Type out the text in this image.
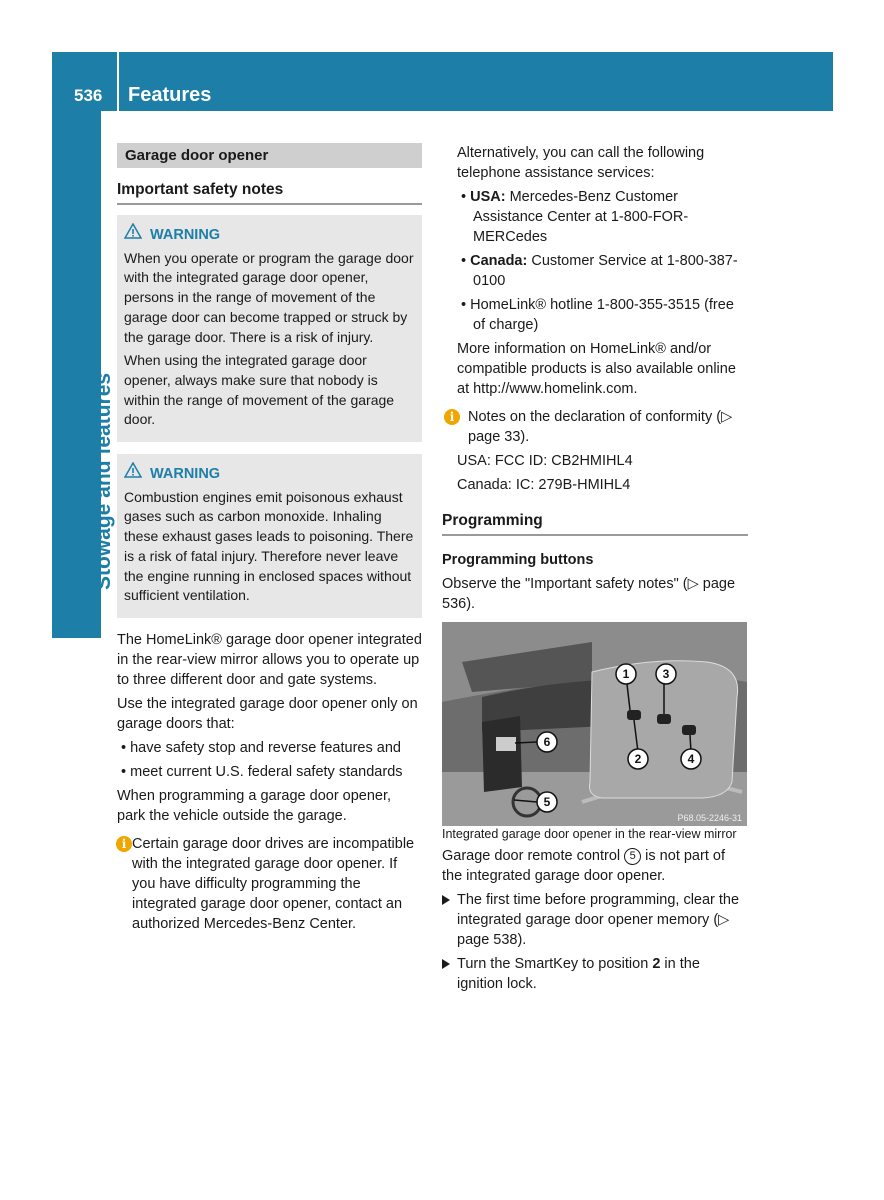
536 Features
Stowage and features
Garage door opener
Important safety notes
WARNING

When you operate or program the garage door with the integrated garage door opener, persons in the range of movement of the garage door can become trapped or struck by the garage door. There is a risk of injury.

When using the integrated garage door opener, always make sure that nobody is within the range of movement of the garage door.

WARNING

Combustion engines emit poisonous exhaust gases such as carbon monoxide. Inhaling these exhaust gases leads to poisoning. There is a risk of fatal injury. Therefore never leave the engine running in enclosed spaces without sufficient ventilation.

The HomeLink® garage door opener integrated in the rear-view mirror allows you to operate up to three different door and gate systems.

Use the integrated garage door opener only on garage doors that:

• have safety stop and reverse features and

• meet current U.S. federal safety standards

When programming a garage door opener, park the vehicle outside the garage.

i Certain garage door drives are incompatible with the integrated garage door opener. If you have difficulty programming the integrated garage door opener, contact an authorized Mercedes-Benz Center.

Alternatively, you can call the following telephone assistance services:

• USA: Mercedes-Benz Customer Assistance Center at 1-800-FOR-MERCedes

• Canada: Customer Service at 1-800-387-0100

• HomeLink® hotline 1-800-355-3515 (free of charge)

More information on HomeLink® and/or compatible products is also available online at http://www.homelink.com.

i Notes on the declaration of conformity (▷ page 33).

USA: FCC ID: CB2HMIHL4

Canada: IC: 279B-HMIHL4

Programming

Programming buttons

Observe the "Important safety notes" (▷ page 536).

1
2
3
4
5
6
P68.05-2246-31

Integrated garage door opener in the rear-view mirror

Garage door remote control 5 is not part of the integrated garage door opener.

The first time before programming, clear the integrated garage door opener memory (▷ page 538).

Turn the SmartKey to position 2 in the ignition lock.
